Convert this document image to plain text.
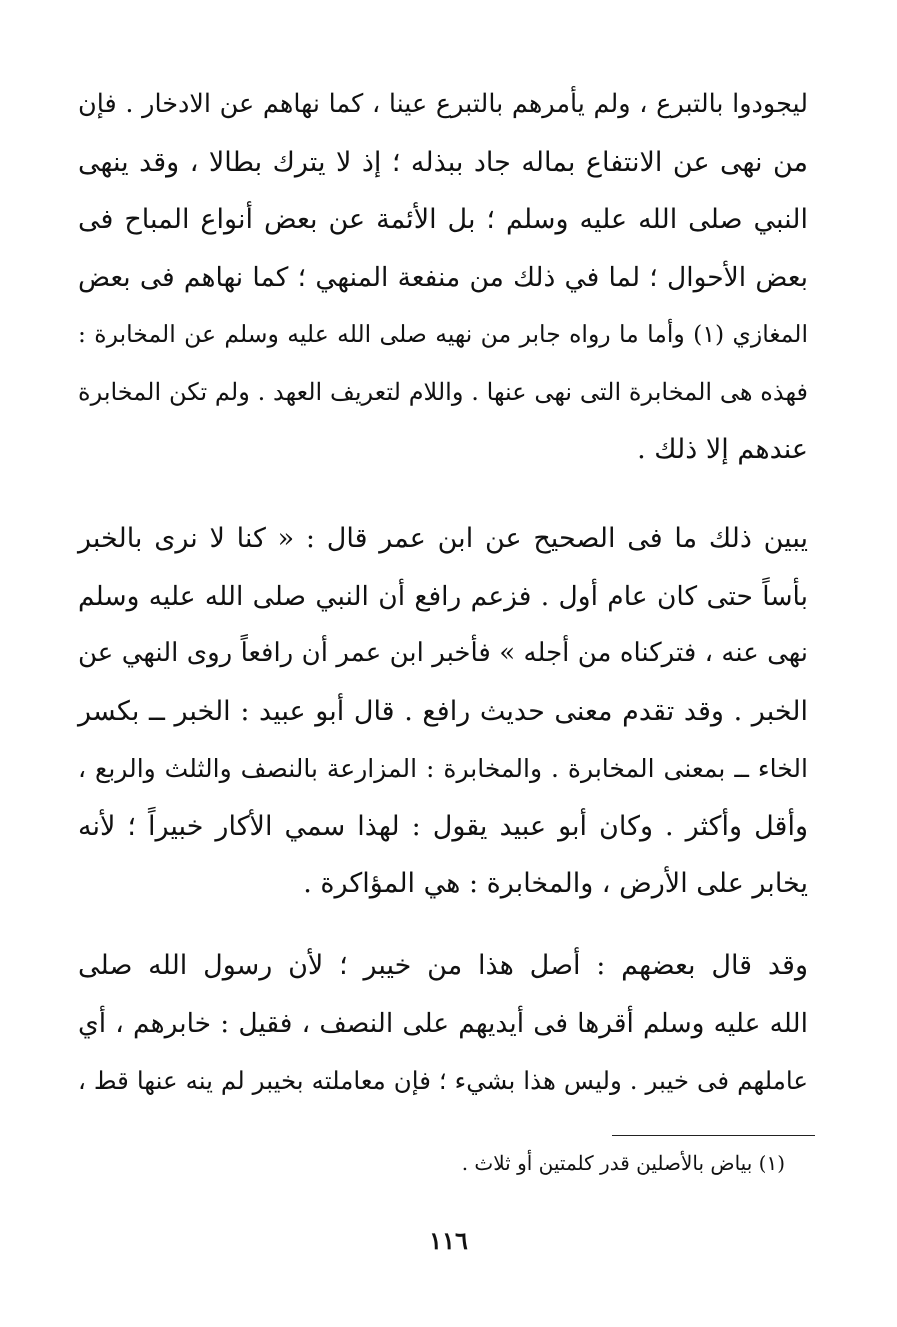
ليجودوا بالتبرع ، ولم يأمرهم بالتبرع عينا ، كما نهاهم عن الادخار . فإن
من نهى عن الانتفاع بماله جاد ببذله ؛ إذ لا يترك بطالا ، وقد ينهى
النبي صلى الله عليه وسلم ؛ بل الأئمة عن بعض أنواع المباح فى
بعض الأحوال ؛ لما في ذلك من منفعة المنهي ؛ كما نهاهم فى بعض
المغازي (١) وأما ما رواه جابر من نهيه صلى الله عليه وسلم عن المخابرة :
فهذه هى المخابرة التى نهى عنها . واللام لتعريف العهد . ولم تكن المخابرة
عندهم إلا ذلك .

يبين ذلك ما فى الصحيح عن ابن عمر قال : « كنا لا نرى بالخبر
بأساً حتى كان عام أول . فزعم رافع أن النبي صلى الله عليه وسلم
نهى عنه ، فتركناه من أجله » فأخبر ابن عمر أن رافعاً روى النهي عن
الخبر . وقد تقدم معنى حديث رافع . قال أبو عبيد : الخبر ــ بكسر
الخاء ــ بمعنى المخابرة . والمخابرة : المزارعة بالنصف والثلث والربع ،
وأقل وأكثر . وكان أبو عبيد يقول : لهذا سمي الأكار خبيراً ؛ لأنه
يخابر على الأرض ، والمخابرة : هي المؤاكرة .

وقد قال بعضهم : أصل هذا من خيبر ؛ لأن رسول الله صلى
الله عليه وسلم أقرها فى أيديهم على النصف ، فقيل : خابرهم ، أي
عاملهم فى خيبر . وليس هذا بشيء ؛ فإن معاملته بخيبر لم ينه عنها قط ،

(١) بياض بالأصلين قدر كلمتين أو ثلاث .
١١٦
